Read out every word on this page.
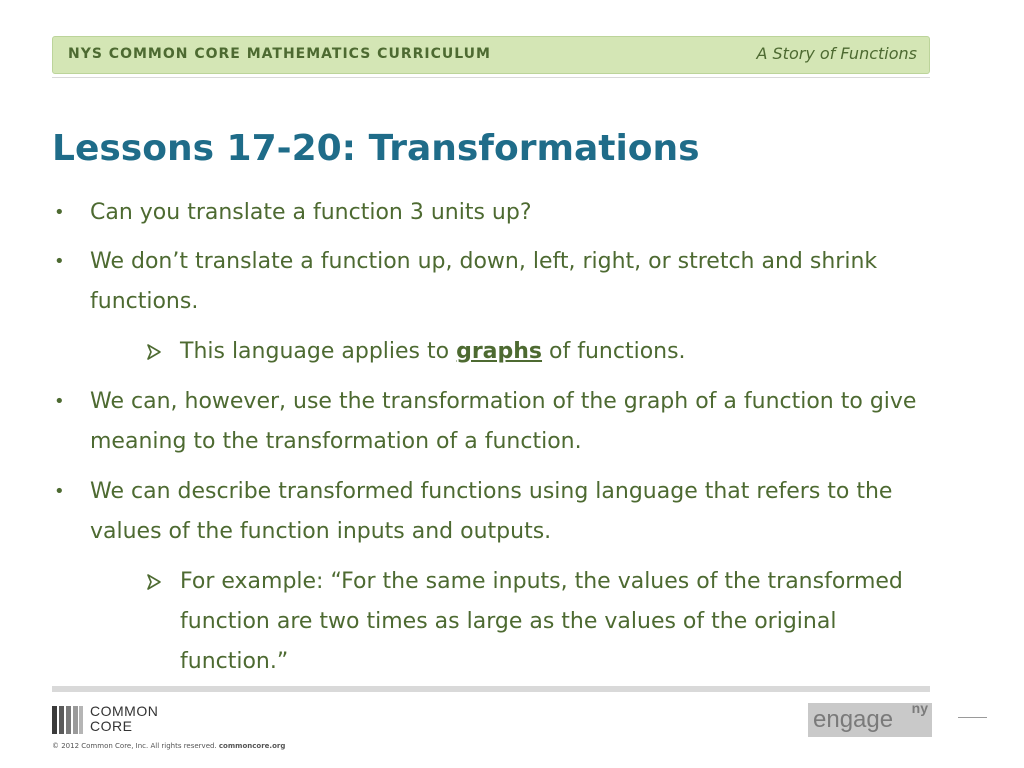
NYS COMMON CORE MATHEMATICS CURRICULUM	A Story of Functions
Lessons 17-20: Transformations
•	Can you translate a function 3 units up?
•	We don’t translate a function up, down, left, right, or stretch and shrink functions.
This language applies to graphs of functions.
•	We can, however, use the transformation of the graph of a function to give meaning to the transformation of a function.
•	We can describe transformed functions using language that refers to the values of the function inputs and outputs.
For example: “For the same inputs, the values of the transformed function are two times as large as the values of the original function.”
COMMON
CORE
© 2012 Common Core, Inc. All rights reserved. commoncore.org
engage ny
